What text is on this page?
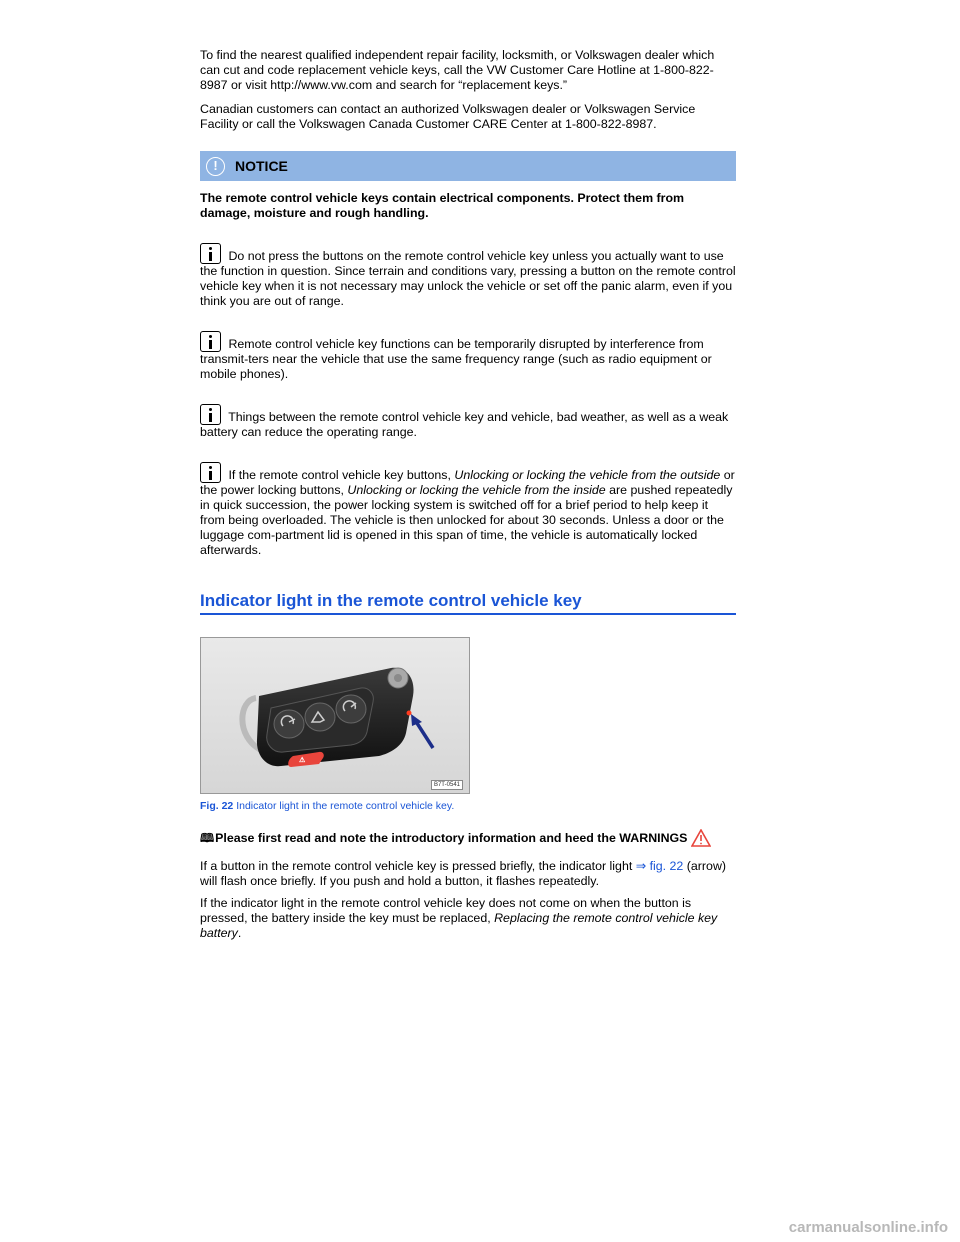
To find the nearest qualified independent repair facility, locksmith, or Volkswagen dealer which can cut and code replacement vehicle keys, call the VW Customer Care Hotline at 1-800-822-8987 or visit http://www.vw.com and search for “replacement keys.”

Canadian customers can contact an authorized Volkswagen dealer or Volkswagen Service Facility or call the Volkswagen Canada Customer CARE Center at 1-800-822-8987.

!	NOTICE

The remote control vehicle keys contain electrical components. Protect them from damage, moisture and rough handling.

Do not press the buttons on the remote control vehicle key unless you actually want to use the function in question. Since terrain and conditions vary, pressing a button on the remote control vehicle key when it is not necessary may unlock the vehicle or set off the panic alarm, even if you think you are out of range.

Remote control vehicle key functions can be temporarily disrupted by interference from transmit-ters near the vehicle that use the same frequency range (such as radio equipment or mobile phones).

Things between the remote control vehicle key and vehicle, bad weather, as well as a weak battery can reduce the operating range.

If the remote control vehicle key buttons, Unlocking or locking the vehicle from the outside or the power locking buttons, Unlocking or locking the vehicle from the inside are pushed repeatedly in quick succession, the power locking system is switched off for a brief period to help keep it from being overloaded. The vehicle is then unlocked for about 30 seconds. Unless a door or the luggage com-partment lid is opened in this span of time, the vehicle is automatically locked afterwards.

Indicator light in the remote control vehicle key
⚠
B7T-0541

Fig. 22 Indicator light in the remote control vehicle key.

🕮 Please first read and note the introductory information and heed the WARNINGS

If a button in the remote control vehicle key is pressed briefly, the indicator light ⇒ fig. 22 (arrow) will flash once briefly. If you push and hold a button, it flashes repeatedly.

If the indicator light in the remote control vehicle key does not come on when the button is pressed, the battery inside the key must be replaced, Replacing the remote control vehicle key battery.

carmanualsonline.info
